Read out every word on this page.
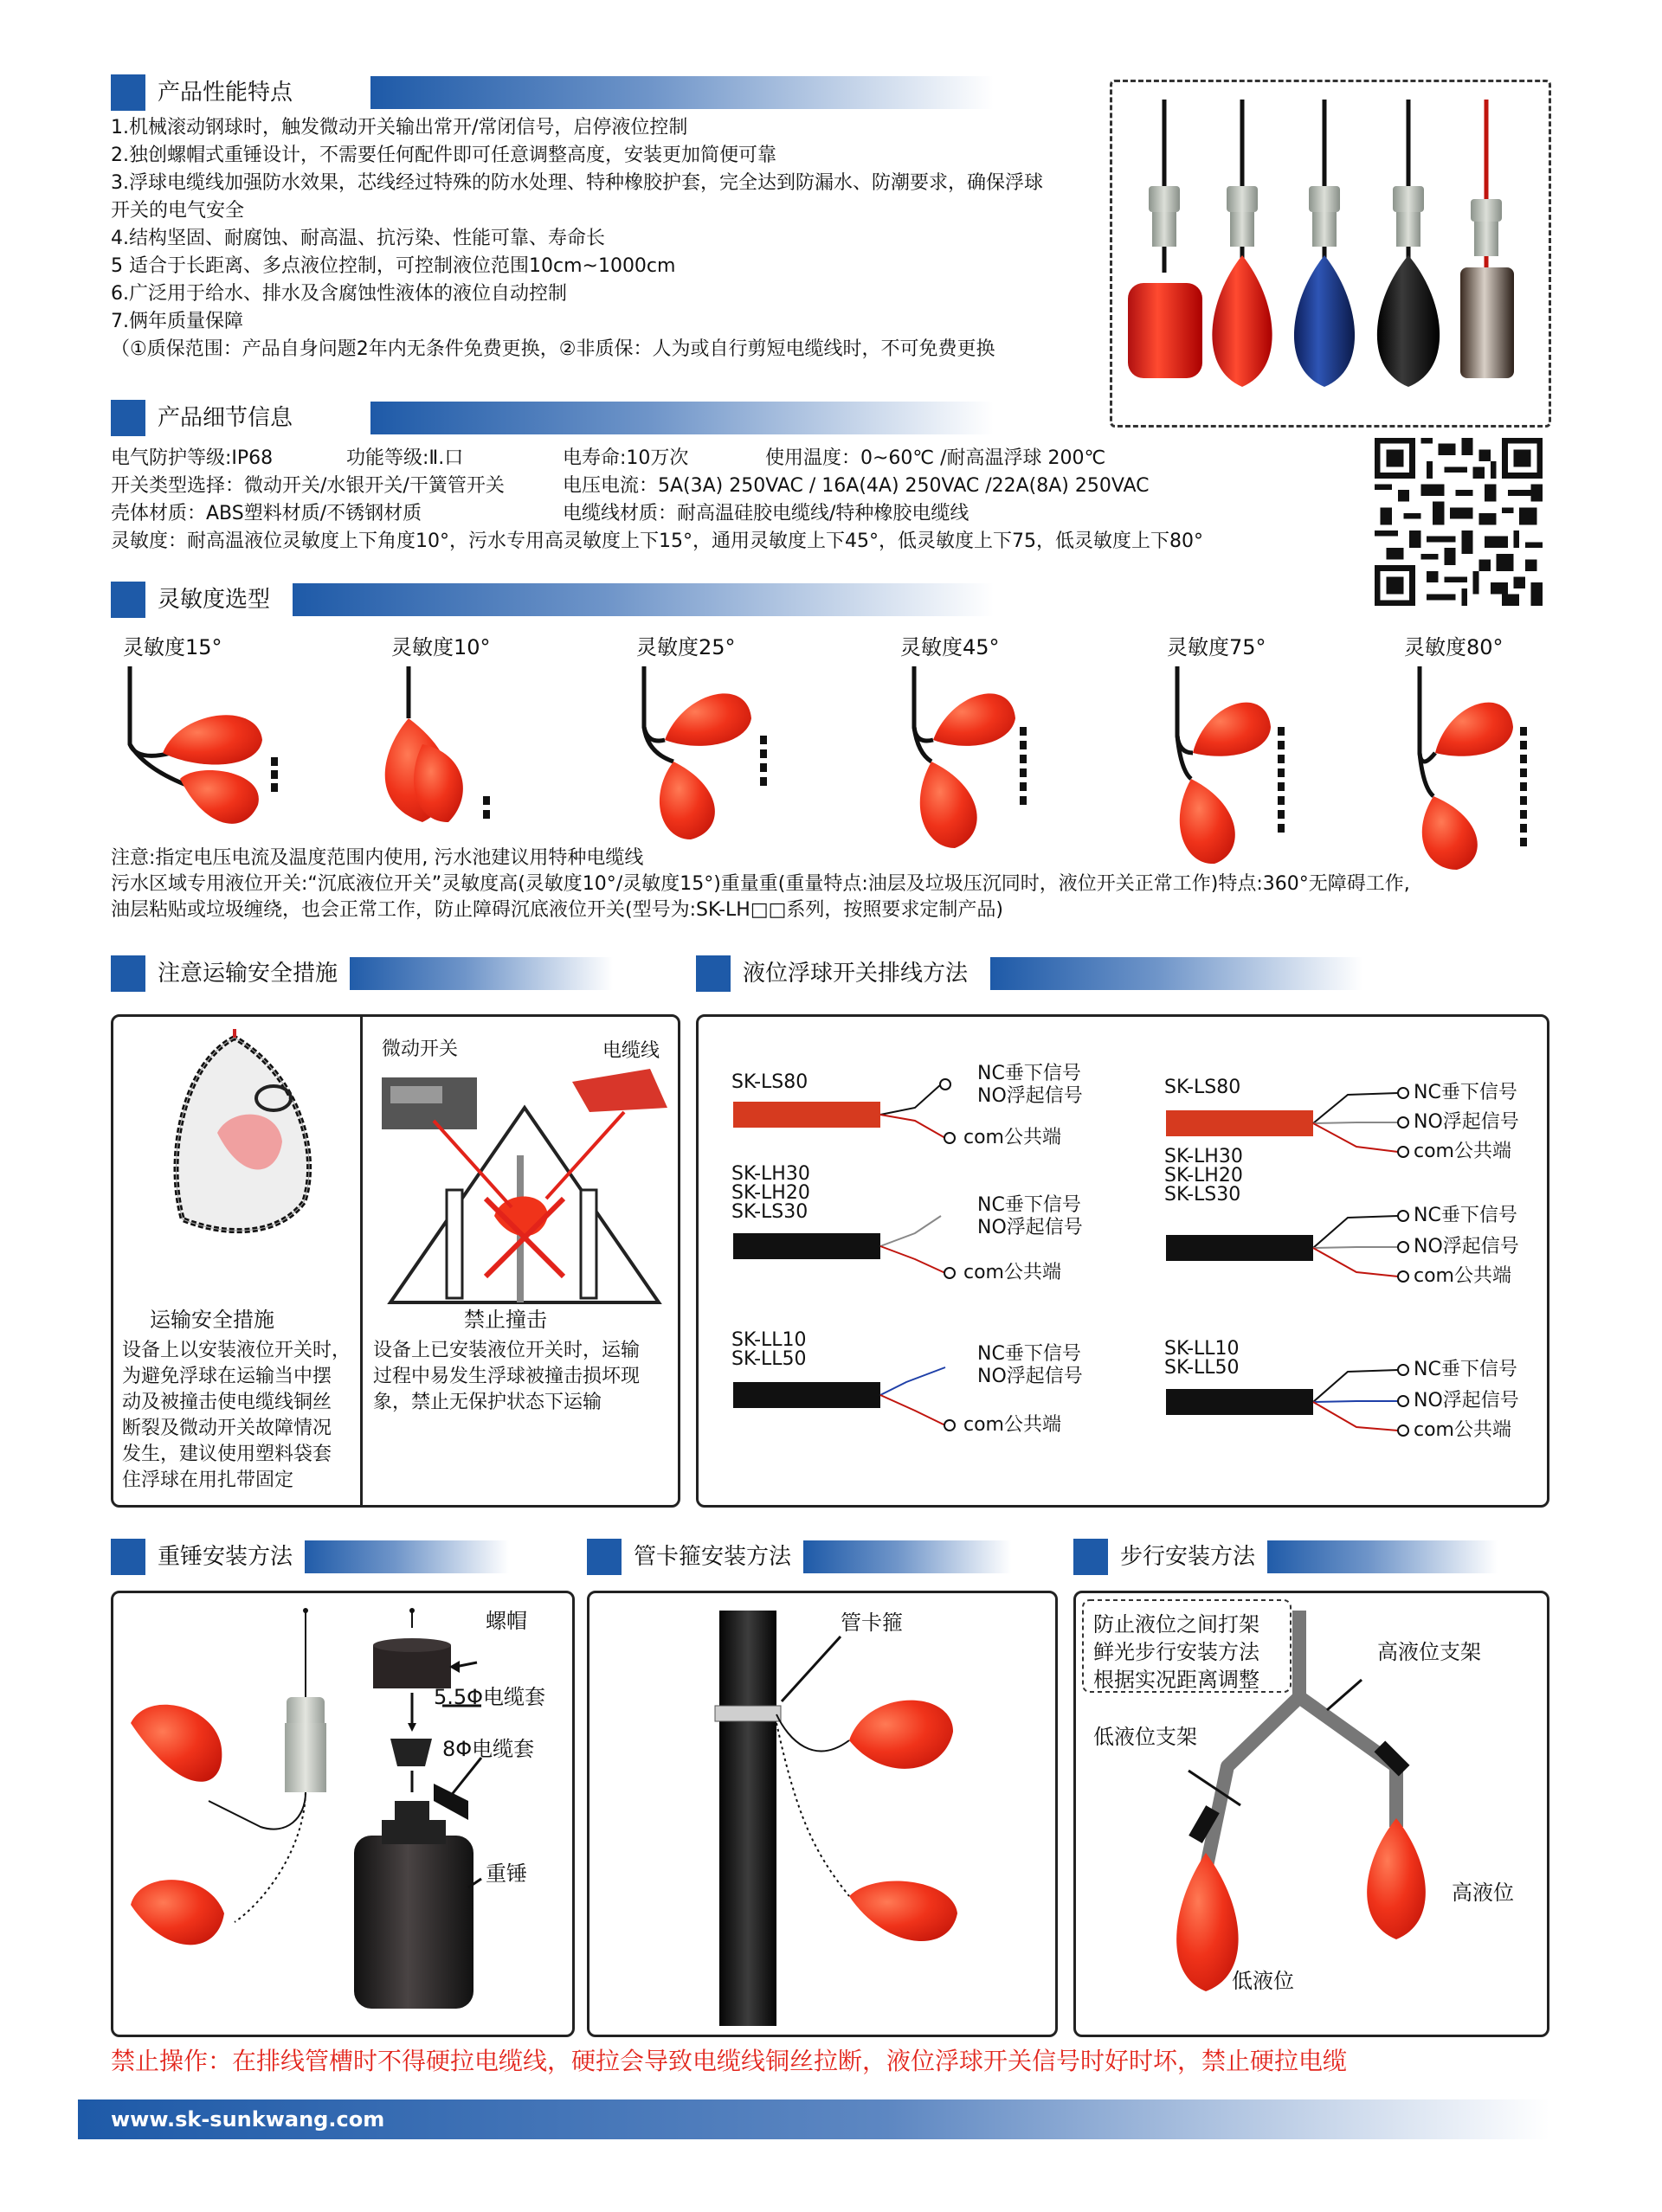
产品性能特点
1.机械滚动钢球时，触发微动开关输出常开/常闭信号，启停液位控制
2.独创螺帽式重锤设计，不需要任何配件即可任意调整高度，安装更加简便可靠
3.浮球电缆线加强防水效果，芯线经过特殊的防水处理、特种橡胶护套，完全达到防漏水、防潮要求，确保浮球
开关的电气安全
4.结构坚固、耐腐蚀、耐高温、抗污染、性能可靠、寿命长
5 适合于长距离、多点液位控制，可控制液位范围10cm~1000cm
6.广泛用于给水、排水及含腐蚀性液体的液位自动控制
7.俩年质量保障
（①质保范围：产品自身问题2年内无条件免费更换，②非质保：人为或自行剪短电缆线时，不可免费更换
产品细节信息
电气防护等级:IP68	功能等级:Ⅱ.口	电寿命:10万次	使用温度：0~60℃ /耐高温浮球 200℃
开关类型选择：微动开关/水银开关/干簧管开关	电压电流：5A(3A) 250VAC / 16A(4A) 250VAC /22A(8A) 250VAC
壳体材质：ABS塑料材质/不锈钢材质	电缆线材质：耐高温硅胶电缆线/特种橡胶电缆线
灵敏度：耐高温液位灵敏度上下角度10°，污水专用高灵敏度上下15°，通用灵敏度上下45°，低灵敏度上下75，低灵敏度上下80°
灵敏度选型
灵敏度15°	灵敏度10°	灵敏度25°	灵敏度45°	灵敏度75°	灵敏度80°
注意:指定电压电流及温度范围内使用, 污水池建议用特种电缆线
污水区域专用液位开关:“沉底液位开关”灵敏度高(灵敏度10°/灵敏度15°)重量重(重量特点:油层及垃圾压沉同时，液位开关正常工作)特点:360°无障碍工作,
油层粘贴或垃圾缠绕，也会正常工作，防止障碍沉底液位开关(型号为:SK-LH□□系列，按照要求定制产品)
注意运输安全措施
运输安全措施
设备上以安装液位开关时，
为避免浮球在运输当中摆
动及被撞击使电缆线铜丝
断裂及微动开关故障情况
发生，建议使用塑料袋套
住浮球在用扎带固定
微动开关	电缆线
禁止撞击
设备上已安装液位开关时，运输
过程中易发生浮球被撞击损坏现
象，禁止无保护状态下运输
液位浮球开关排线方法
SK-LS80	NC垂下信号
NO浮起信号
com公共端
SK-LH30
SK-LH20
SK-LS30	NC垂下信号
NO浮起信号
com公共端
SK-LL10
SK-LL50	NC垂下信号
NO浮起信号
com公共端
SK-LS80	NC垂下信号
NO浮起信号
com公共端
SK-LH30
SK-LH20
SK-LS30
NC垂下信号
NO浮起信号
com公共端
SK-LL10
SK-LL50	NC垂下信号
NO浮起信号
com公共端
重锤安装方法	管卡箍安装方法	步行安装方法
螺帽
5.5Φ电缆套
8Φ电缆套
重锤
管卡箍	防止液位之间打架
鲜光步行安装方法
根据实况距离调整
高液位支架
低液位支架
高液位
低液位
禁止操作：在排线管槽时不得硬拉电缆线，硬拉会导致电缆线铜丝拉断，液位浮球开关信号时好时坏，禁止硬拉电缆
www.sk-sunkwang.com
